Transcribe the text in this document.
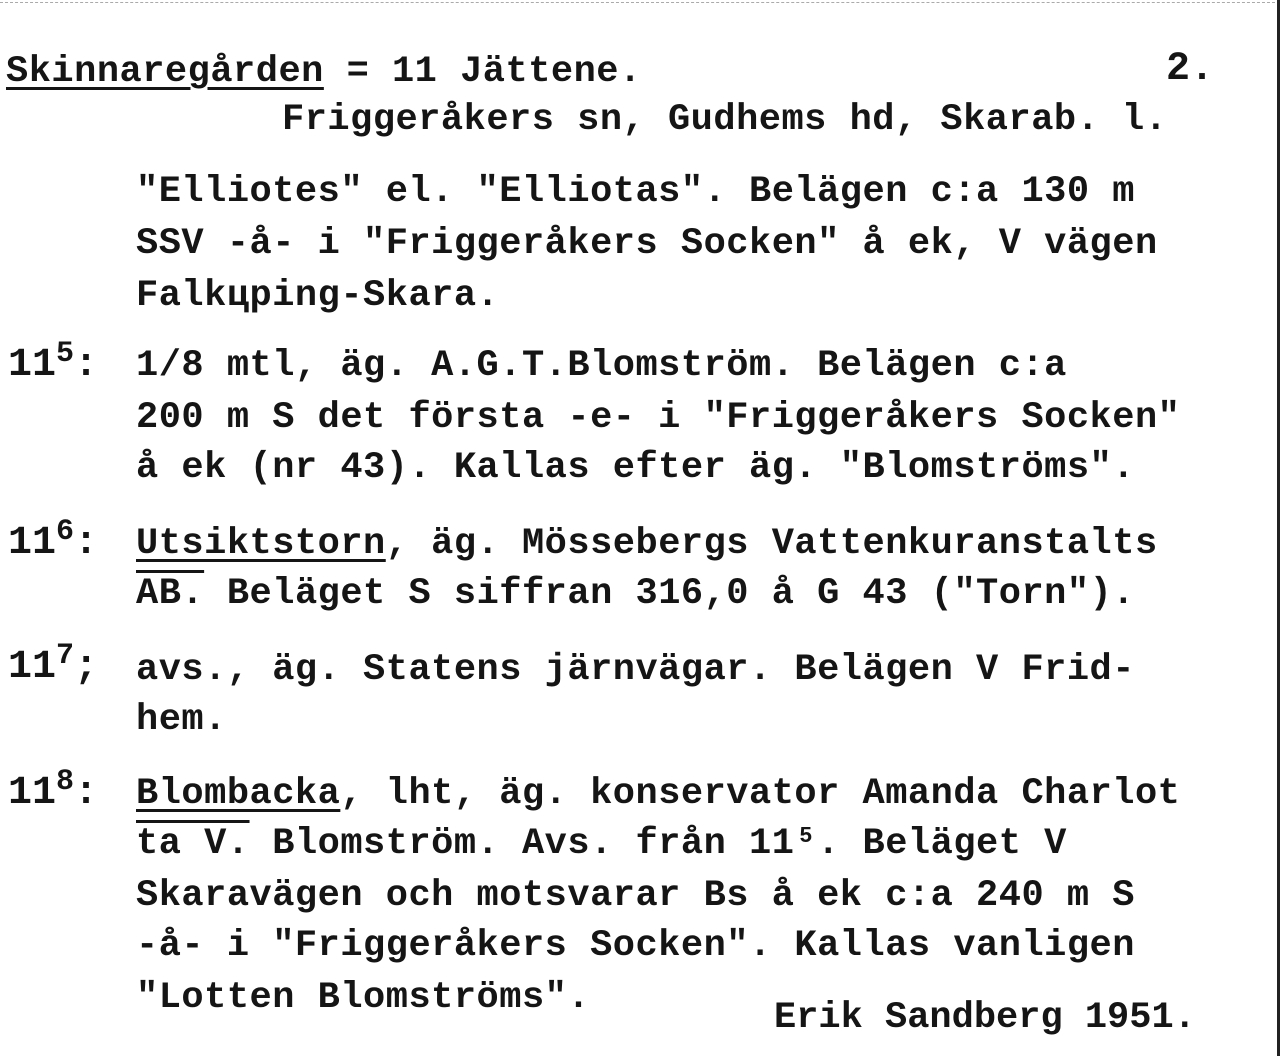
Skinnaregården = 11 Jättene.	2.
Friggeråkers sn, Gudhems hd, Skarab. l.
"Elliotes" el. "Elliotas". Belägen c:a 130 m
SSV -å- i "Friggeråkers Socken" å ek, V vägen
Falkцping-Skara.
$11^5$: 1/8 mtl, äg. A.G.T.Blomström. Belägen c:a
200 m S det första -e- i "Friggeråkers Socken"
å ek (nr 43). Kallas efter äg. "Blomströms".
$11^6$: Utsiktstorn, äg. Mössebergs Vattenkuranstalts
AB. Beläget S siffran 316,0 å G 43 ("Torn").
$11^7$; avs., äg. Statens järnvägar. Belägen V Frid-
hem.
$11^8$: Blombacka, lht, äg. konservator Amanda Charlot
ta V. Blomström. Avs. från 11⁵. Beläget V
Skaravägen och motsvarar Bs å ek c:a 240 m S
-å- i "Friggeråkers Socken". Kallas vanligen
"Lotten Blomströms".	Erik Sandberg 1951.
